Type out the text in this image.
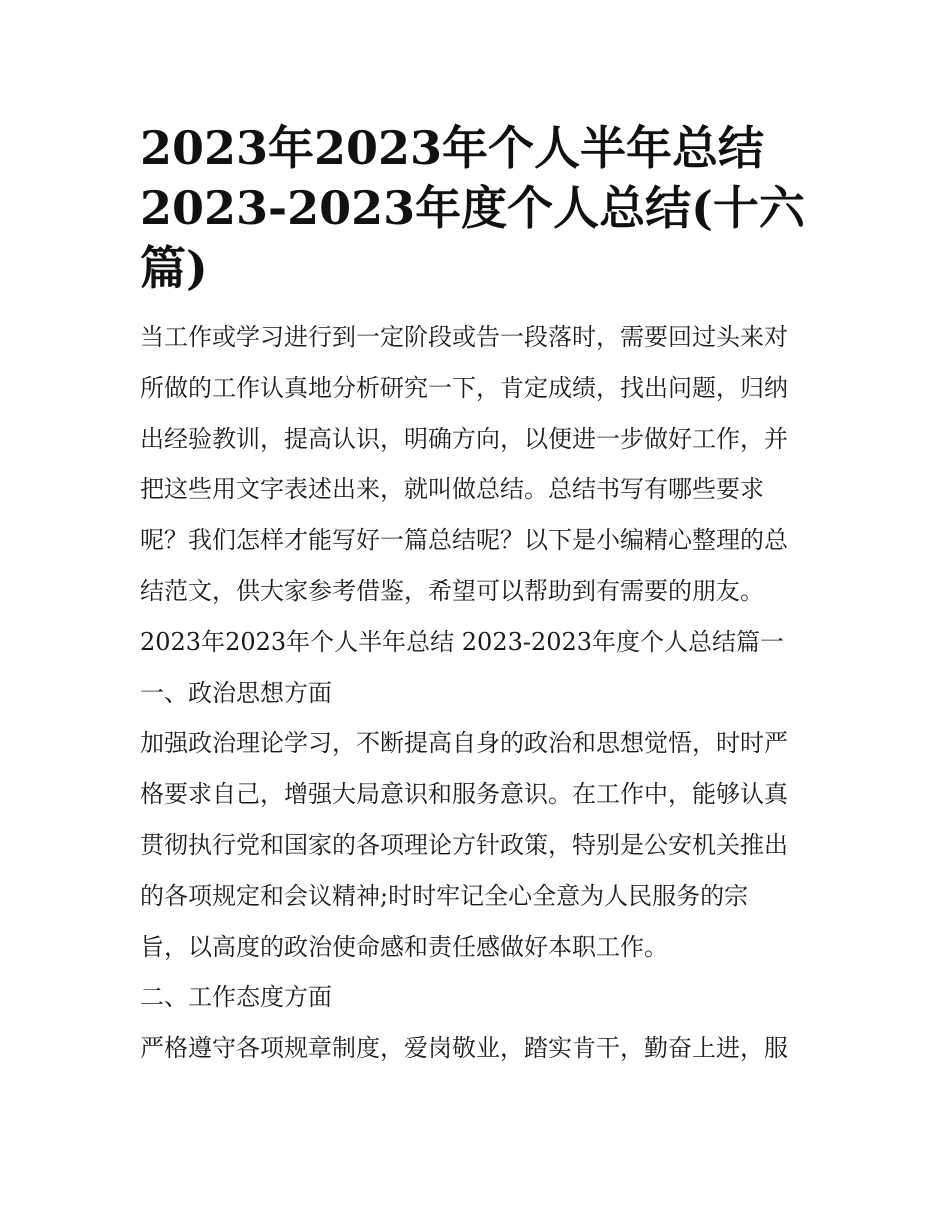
2023年2023年个人半年总结
2023-2023年度个人总结(十六
篇)
当工作或学习进行到一定阶段或告一段落时，需要回过头来对
所做的工作认真地分析研究一下，肯定成绩，找出问题，归纳
出经验教训，提高认识，明确方向，以便进一步做好工作，并
把这些用文字表述出来，就叫做总结。总结书写有哪些要求
呢？我们怎样才能写好一篇总结呢？以下是小编精心整理的总
结范文，供大家参考借鉴，希望可以帮助到有需要的朋友。
2023年2023年个人半年总结 2023-2023年度个人总结篇一
一、政治思想方面
加强政治理论学习，不断提高自身的政治和思想觉悟，时时严
格要求自己，增强大局意识和服务意识。在工作中，能够认真
贯彻执行党和国家的各项理论方针政策，特别是公安机关推出
的各项规定和会议精神;时时牢记全心全意为人民服务的宗
旨，以高度的政治使命感和责任感做好本职工作。
二、工作态度方面
严格遵守各项规章制度，爱岗敬业，踏实肯干，勤奋上进，服
